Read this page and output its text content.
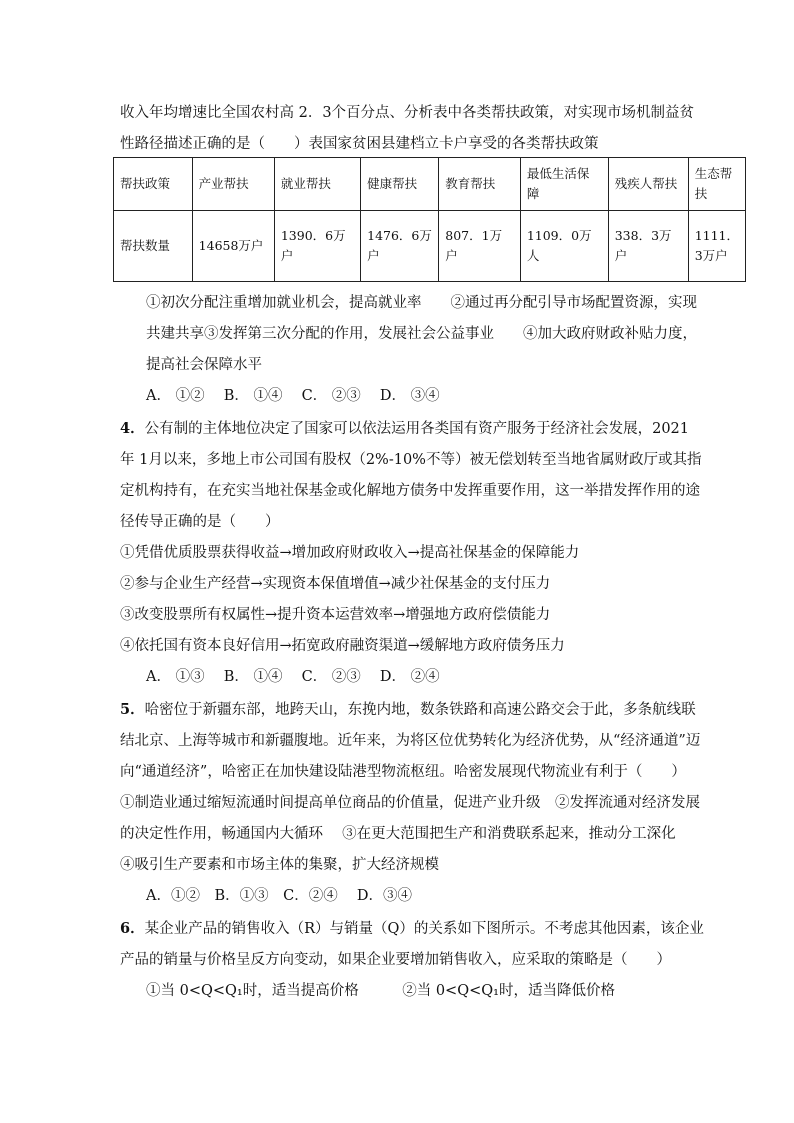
收入年均增速比全国农村高 2．3个百分点、分析表中各类帮扶政策，对实现市场机制益贫
帮扶政策	产业帮扶	就业帮扶	健康帮扶	教育帮扶	最低生活保障	残疾人帮扶	生态帮扶
帮扶数量	14658万户	1390．6万户	1476．6万户	807．1万户	1109．0万人	338．3万户	1111．3万户
①初次分配注重增加就业机会，提高就业率　　②通过再分配引导市场配置资源，实现
共建共享③发挥第三次分配的作用，发展社会公益事业　　④加大政府财政补贴力度，
提高社会保障水平
A． ①②　 B． ①④　 C． ②③　 D． ③④
4．公有制的主体地位决定了国家可以依法运用各类国有资产服务于经济社会发展，2021
年 1月以来，多地上市公司国有股权（2%-10%不等）被无偿划转至当地省属财政厅或其指
定机构持有，在充实当地社保基金或化解地方债务中发挥重要作用，这一举措发挥作用的途
径传导正确的是（　　）
①凭借优质股票获得收益→增加政府财政收入→提高社保基金的保障能力
②参与企业生产经营→实现资本保值增值→减少社保基金的支付压力
③改变股票所有权属性→提升资本运营效率→增强地方政府偿债能力
④依托国有资本良好信用→拓宽政府融资渠道→缓解地方政府债务压力
A． ①③　 B． ①④　 C． ②③　 D． ②④
5．哈密位于新疆东部，地跨天山，东挽内地，数条铁路和高速公路交会于此，多条航线联
结北京、上海等城市和新疆腹地。近年来，为将区位优势转化为经济优势，从“经济通道”迈
向“通道经济”，哈密正在加快建设陆港型物流枢纽。哈密发展现代物流业有利于（　　）
①制造业通过缩短流通时间提高单位商品的价值量，促进产业升级　②发挥流通对经济发展
的决定性作用，畅通国内大循环　 ③在更大范围把生产和消费联系起来，推动分工深化
④吸引生产要素和市场主体的集聚，扩大经济规模
A．①②　B．①③　C．②④　 D．③④
6．某企业产品的销售收入（R）与销量（Q）的关系如下图所示。不考虑其他因素，该企业
产品的销量与价格呈反方向变动，如果企业要增加销售收入，应采取的策略是（　　）
①当 0<Q<Q₁时，适当提高价格　　　②当 0<Q<Q₁时，适当降低价格
性路径描述正确的是（　　）表国家贫困县建档立卡户享受的各类帮扶政策
